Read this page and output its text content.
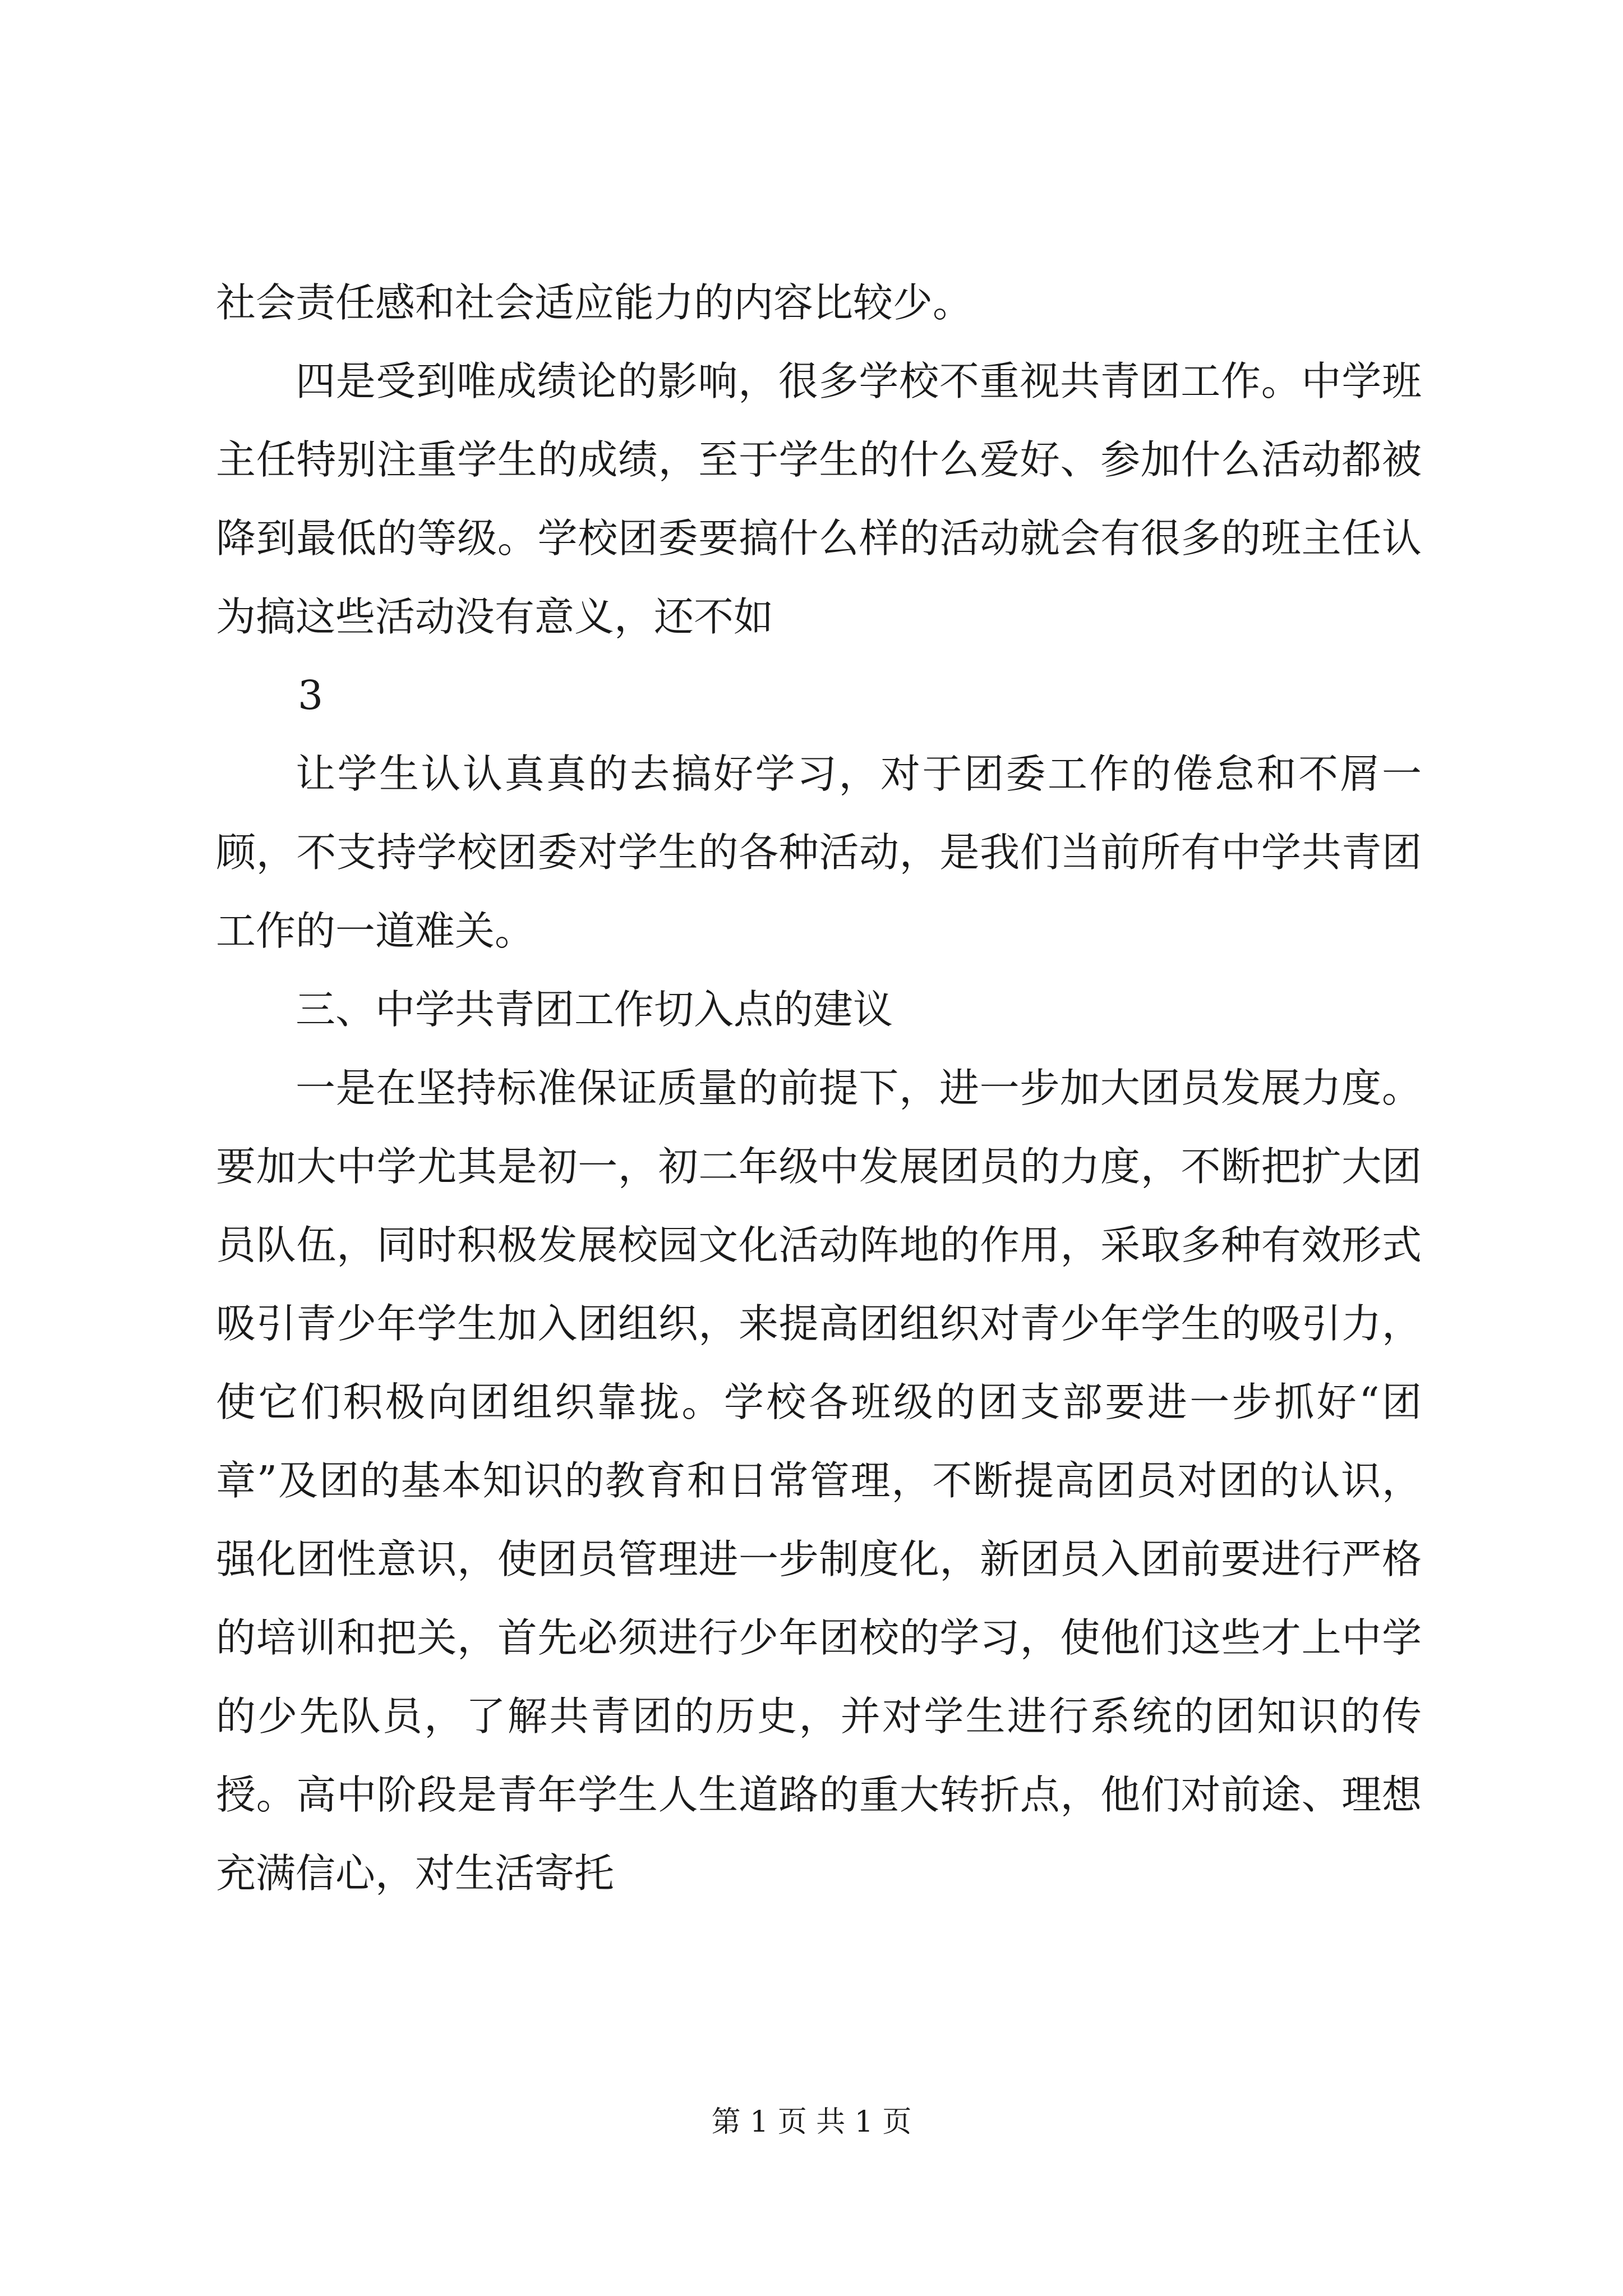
社会责任感和社会适应能力的内容比较少。

四是受到唯成绩论的影响，很多学校不重视共青团工作。中学班主任特别注重学生的成绩，至于学生的什么爱好、参加什么活动都被降到最低的等级。学校团委要搞什么样的活动就会有很多的班主任认为搞这些活动没有意义，还不如

3

让学生认认真真的去搞好学习，对于团委工作的倦怠和不屑一顾，不支持学校团委对学生的各种活动，是我们当前所有中学共青团工作的一道难关。

三、中学共青团工作切入点的建议

一是在坚持标准保证质量的前提下，进一步加大团员发展力度。要加大中学尤其是初一，初二年级中发展团员的力度，不断把扩大团员队伍，同时积极发展校园文化活动阵地的作用，采取多种有效形式吸引青少年学生加入团组织，来提高团组织对青少年学生的吸引力，使它们积极向团组织靠拢。学校各班级的团支部要进一步抓好“团章”及团的基本知识的教育和日常管理，不断提高团员对团的认识，强化团性意识，使团员管理进一步制度化，新团员入团前要进行严格的培训和把关，首先必须进行少年团校的学习，使他们这些才上中学的少先队员，了解共青团的历史，并对学生进行系统的团知识的传授。高中阶段是青年学生人生道路的重大转折点，他们对前途、理想充满信心，对生活寄托

第 1 页 共 1 页
